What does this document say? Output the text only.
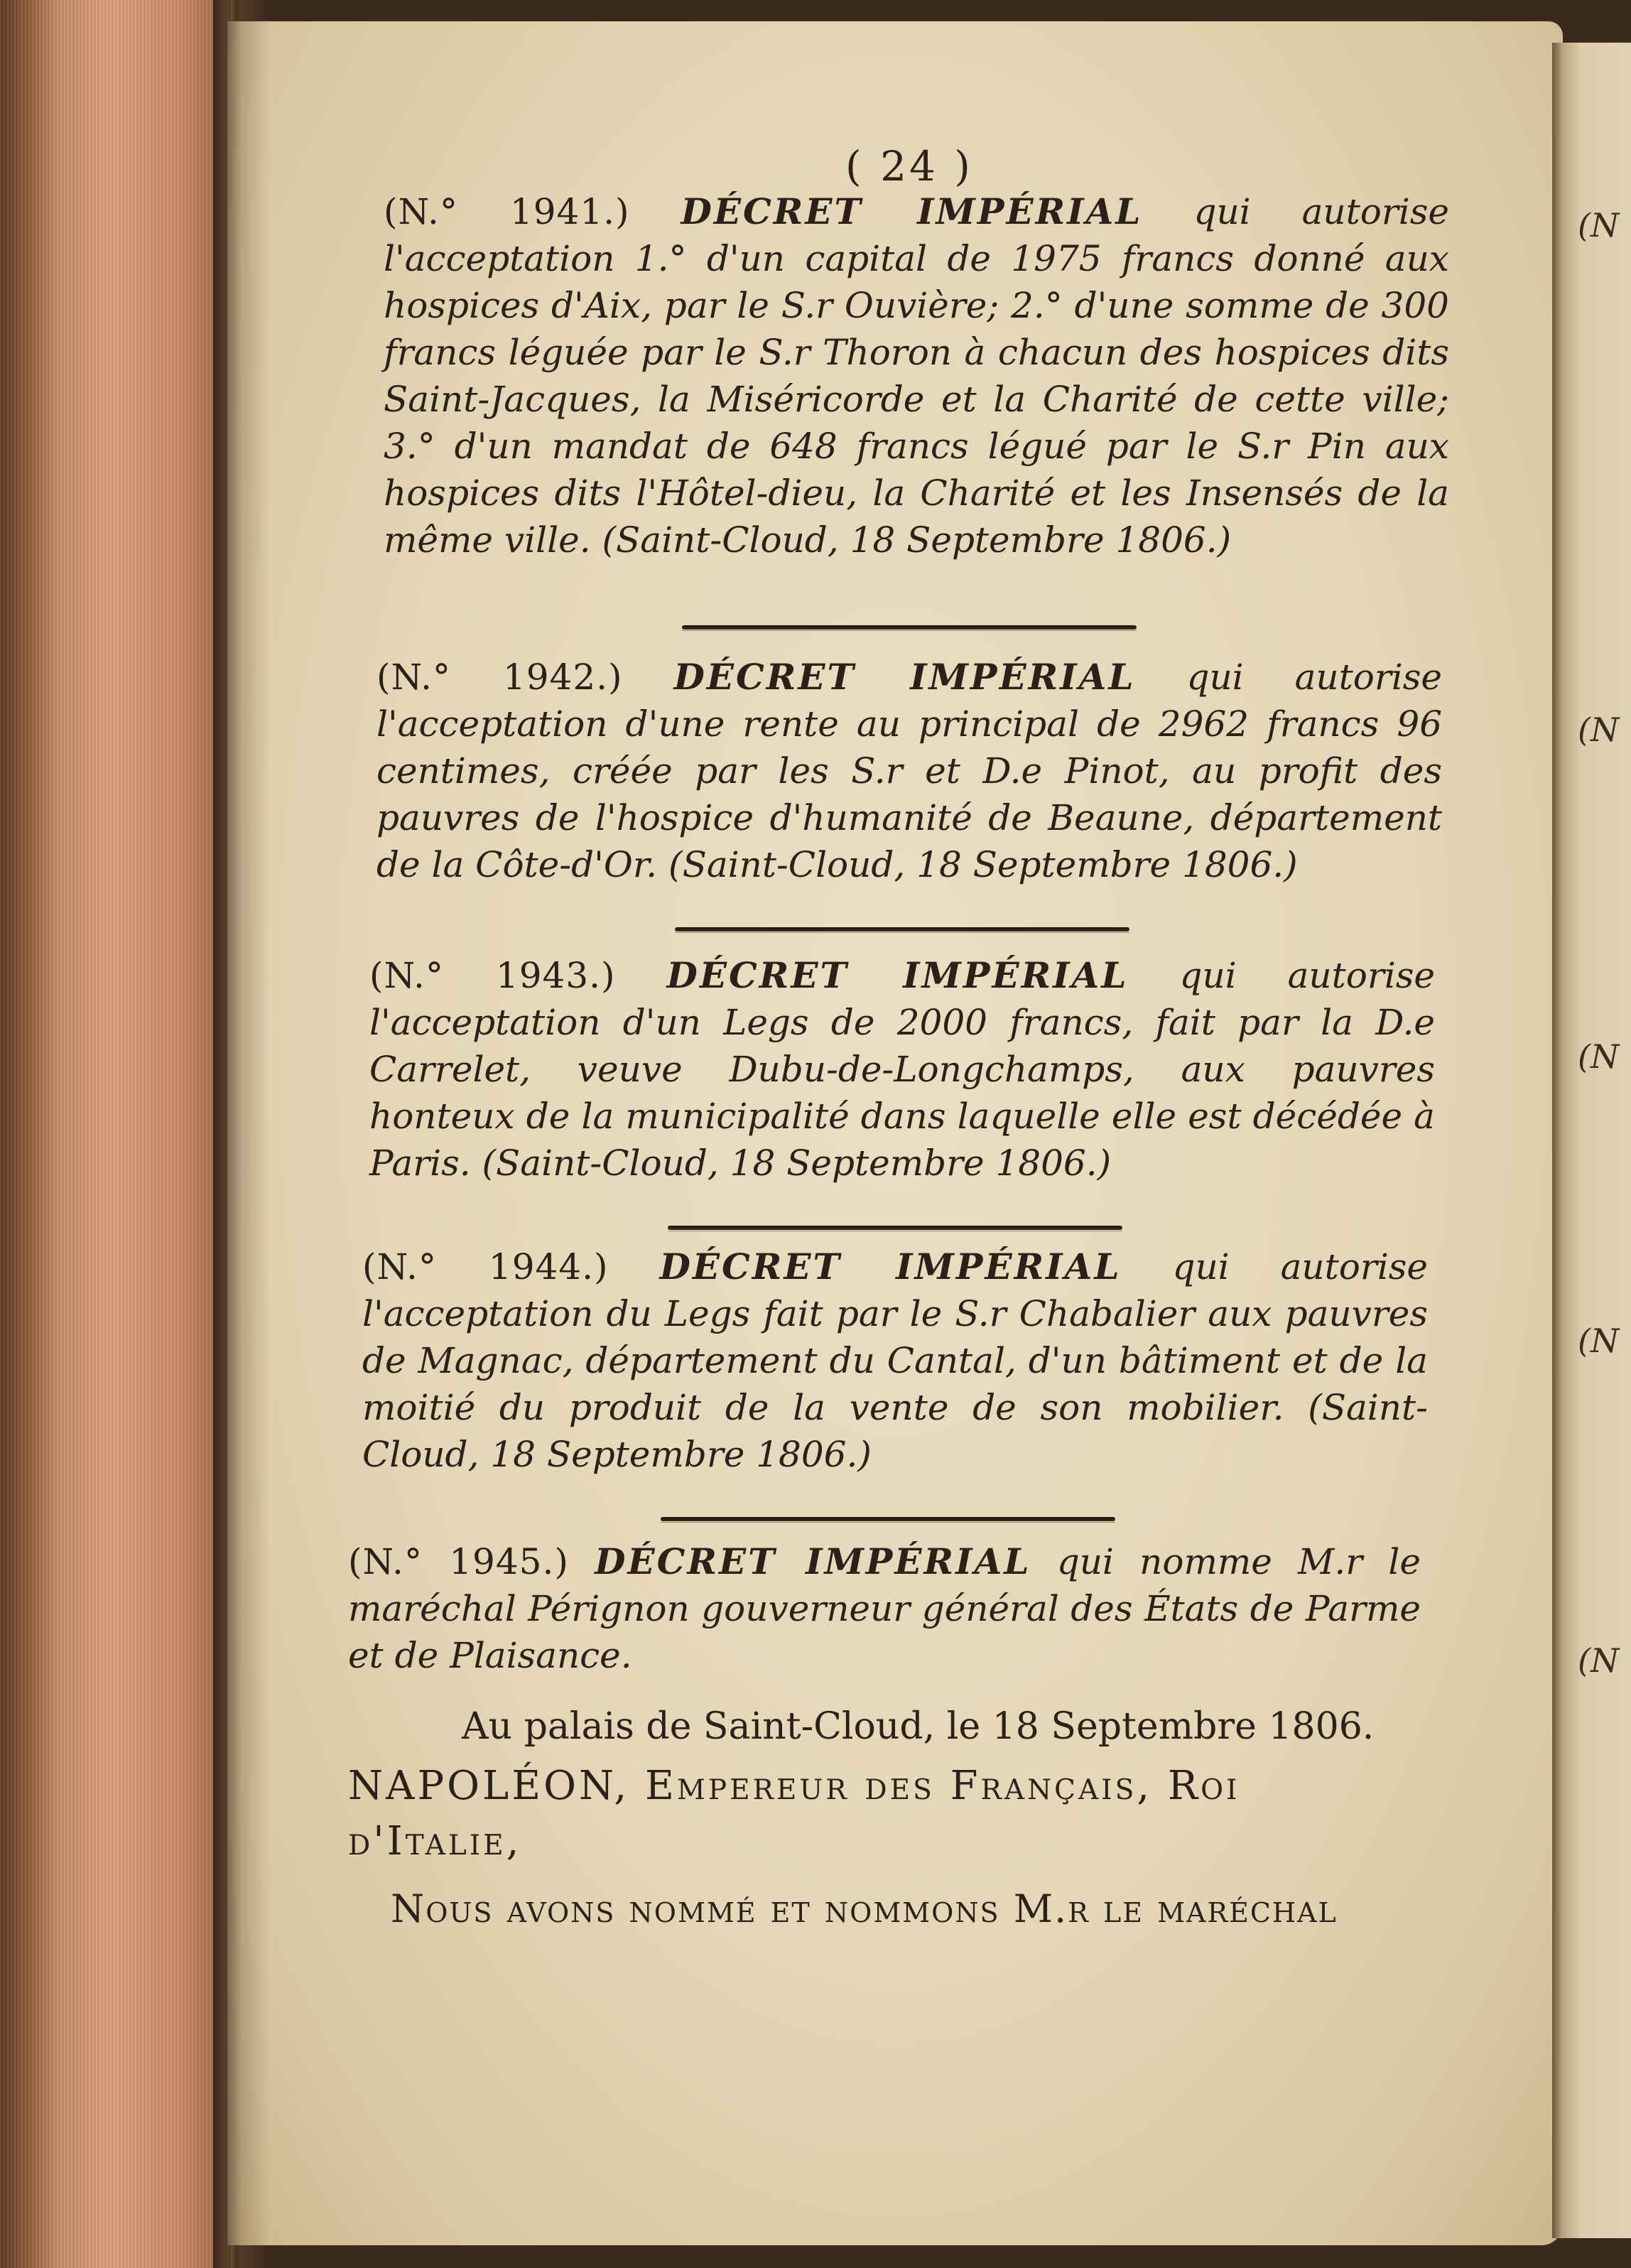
(N
(N
(N
(N
(N
( 24 )
(N.° 1941.) DÉCRET IMPÉRIAL qui autorise l'acceptation 1.° d'un capital de 1975 francs donné aux hospices d'Aix, par le S.r Ouvière; 2.° d'une somme de 300 francs léguée par le S.r Thoron à chacun des hospices dits Saint-Jacques, la Miséricorde et la Charité de cette ville; 3.° d'un mandat de 648 francs légué par le S.r Pin aux hospices dits l'Hôtel-dieu, la Charité et les Insensés de la même ville. (Saint-Cloud, 18 Septembre 1806.)
(N.° 1942.) DÉCRET IMPÉRIAL qui autorise l'acceptation d'une rente au principal de 2962 francs 96 centimes, créée par les S.r et D.e Pinot, au profit des pauvres de l'hospice d'humanité de Beaune, département de la Côte-d'Or. (Saint-Cloud, 18 Septembre 1806.)
(N.° 1943.) DÉCRET IMPÉRIAL qui autorise l'acceptation d'un Legs de 2000 francs, fait par la D.e Carrelet, veuve Dubu-de-Longchamps, aux pauvres honteux de la municipalité dans laquelle elle est décédée à Paris. (Saint-Cloud, 18 Septembre 1806.)
(N.° 1944.) DÉCRET IMPÉRIAL qui autorise l'acceptation du Legs fait par le S.r Chabalier aux pauvres de Magnac, département du Cantal, d'un bâtiment et de la moitié du produit de la vente de son mobilier. (Saint-Cloud, 18 Septembre 1806.)
(N.° 1945.) DÉCRET IMPÉRIAL qui nomme M.r le maréchal Pérignon gouverneur général des États de Parme et de Plaisance.
Au palais de Saint-Cloud, le 18 Septembre 1806.
NAPOLÉON, Empereur des Français, Roi d'Italie,
Nous avons nommé et nommons M.r le maréchal
